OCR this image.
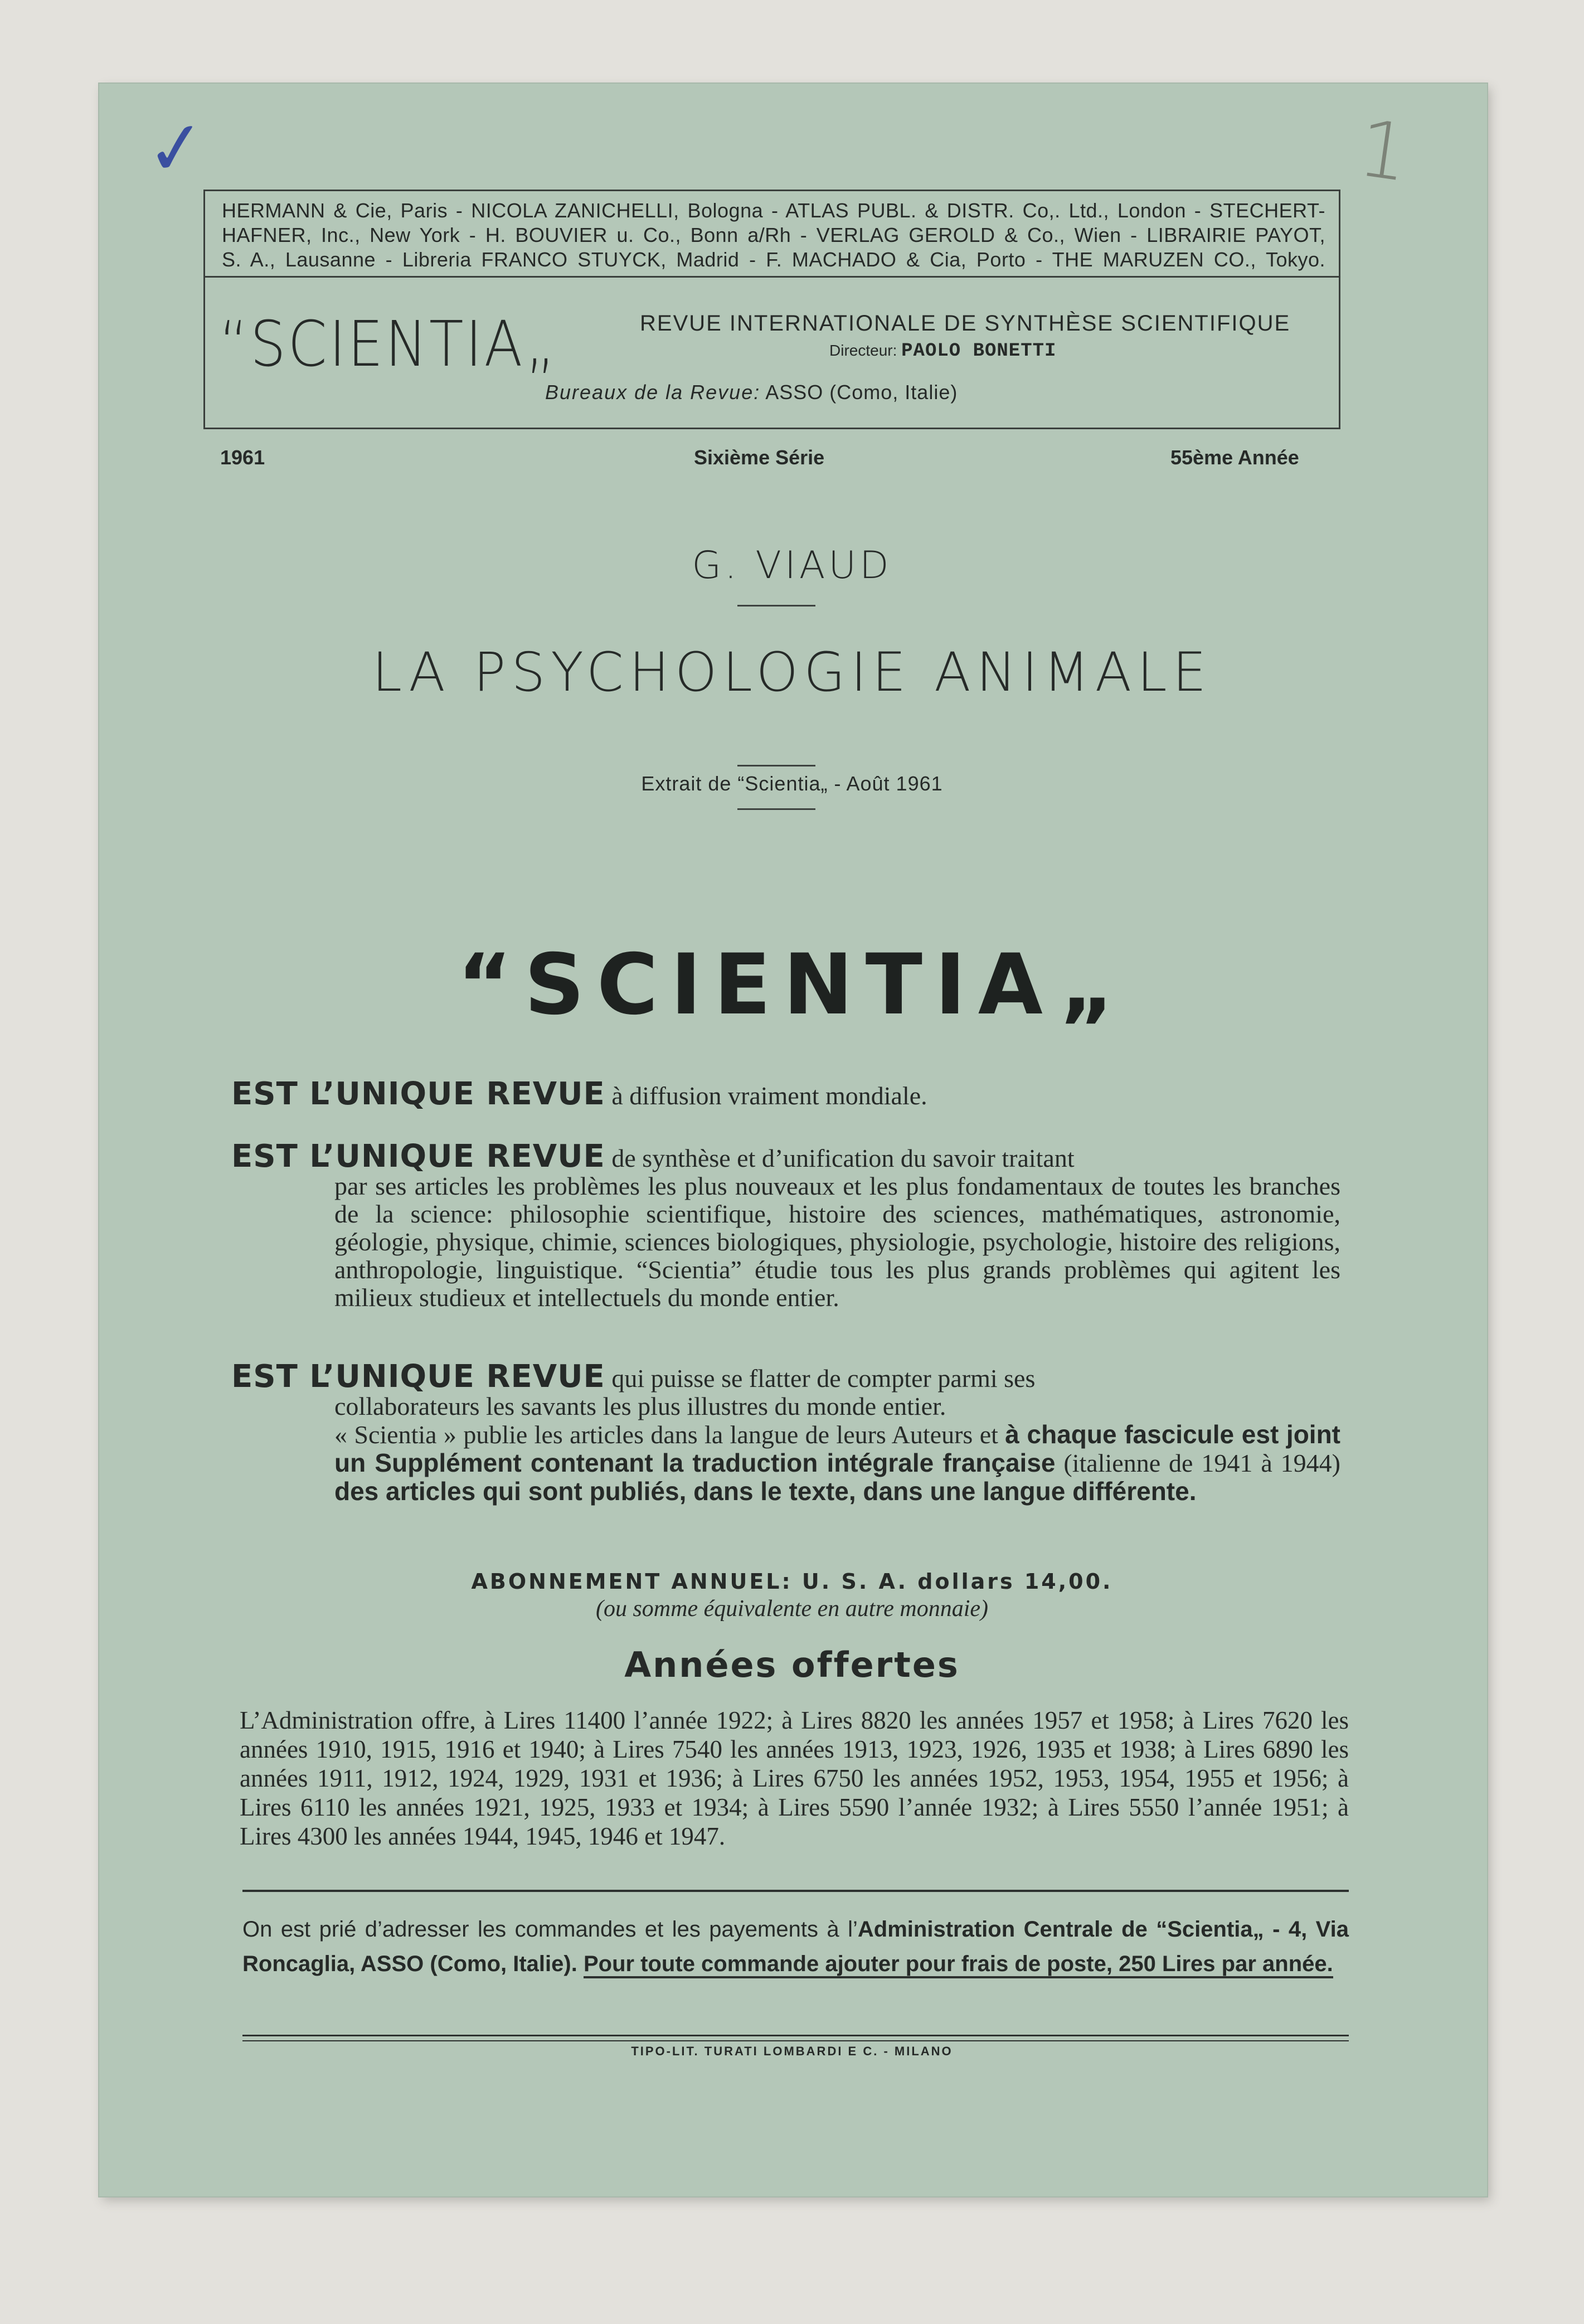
✓	1
HERMANN & Cie, Paris - NICOLA ZANICHELLI, Bologna - ATLAS PUBL. & DISTR. Co,. Ltd., London - STECHERT-
HAFNER, Inc., New York - H. BOUVIER u. Co., Bonn a/Rh - VERLAG GEROLD & Co., Wien - LIBRAIRIE PAYOT,
S. A., Lausanne - Libreria FRANCO STUYCK, Madrid - F. MACHADO & Cia, Porto - THE MARUZEN CO., Tokyo.
“SCIENTIA„	REVUE INTERNATIONALE DE SYNTHÈSE SCIENTIFIQUE
Directeur: PAOLO BONETTI
Bureaux de la Revue: ASSO (Como, Italie)
1961	Sixième Série	55ème Année
G. VIAUD
LA PSYCHOLOGIE ANIMALE
Extrait de “Scientia„ - Août 1961
“SCIENTIA„
EST L’UNIQUE REVUE à diffusion vraiment mondiale.
EST L’UNIQUE REVUE de synthèse et d’unification du savoir traitant
par ses articles les problèmes les plus nouveaux et les plus fondamentaux de toutes les branches de la science: philosophie scientifique, histoire des sciences, mathématiques, astronomie, géologie, physique, chimie, sciences biologiques, physiologie, psychologie, histoire des religions, anthropologie, linguistique. “Scientia” étudie tous les plus grands problèmes qui agitent les milieux studieux et intellectuels du monde entier.
EST L’UNIQUE REVUE qui puisse se flatter de compter parmi ses
collaborateurs les savants les plus illustres du monde entier.
« Scientia » publie les articles dans la langue de leurs Auteurs et à chaque fascicule est joint un Supplément contenant la traduction intégrale française (italienne de 1941 à 1944) des articles qui sont publiés, dans le texte, dans une langue différente.
ABONNEMENT ANNUEL: U. S. A. dollars 14,00.
(ou somme équivalente en autre monnaie)
Années offertes
L’Administration offre, à Lires 11400 l’année 1922; à Lires 8820 les années 1957 et 1958; à Lires 7620 les années 1910, 1915, 1916 et 1940; à Lires 7540 les années 1913, 1923, 1926, 1935 et 1938; à Lires 6890 les années 1911, 1912, 1924, 1929, 1931 et 1936; à Lires 6750 les années 1952, 1953, 1954, 1955 et 1956; à Lires 6110 les années 1921, 1925, 1933 et 1934; à Lires 5590 l’année 1932; à Lires 5550 l’année 1951; à Lires 4300 les années 1944, 1945, 1946 et 1947.
On est prié d’adresser les commandes et les payements à l’Administration Centrale de “Scientia„ - 4, Via Roncaglia, ASSO (Como, Italie). Pour toute commande ajouter pour frais de poste, 250 Lires par année.
TIPO-LIT. TURATI LOMBARDI E C. - MILANO
